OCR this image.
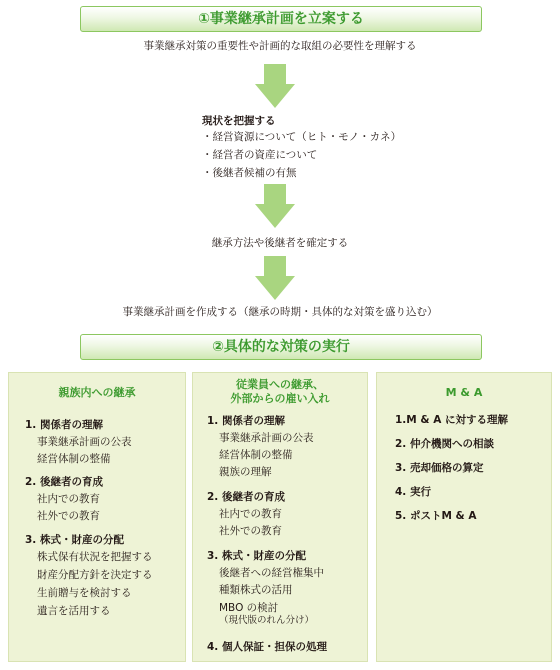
①事業継承計画を立案する
事業継承対策の重要性や計画的な取組の必要性を理解する
現状を把握する
・経営資源について（ヒト・モノ・カネ）
・経営者の資産について
・後継者候補の有無
継承方法や後継者を確定する
事業継承計画を作成する（継承の時期・具体的な対策を盛り込む）
②具体的な対策の実行
親族内への継承
1. 関係者の理解
事業継承計画の公表
経営体制の整備
2. 後継者の育成
社内での教育
社外での教育
3. 株式・財産の分配
株式保有状況を把握する
財産分配方針を決定する
生前贈与を検討する
遺言を活用する
従業員への継承、
外部からの雇い入れ
1. 関係者の理解
事業継承計画の公表
経営体制の整備
親族の理解
2. 後継者の育成
社内での教育
社外での教育
3. 株式・財産の分配
後継者への経営権集中
種類株式の活用
MBO の検討
（現代版のれん分け）
4. 個人保証・担保の処理
M & A
1.M & A に対する理解
2. 仲介機関への相談
3. 売却価格の算定
4. 実行
5. ポストM & A
